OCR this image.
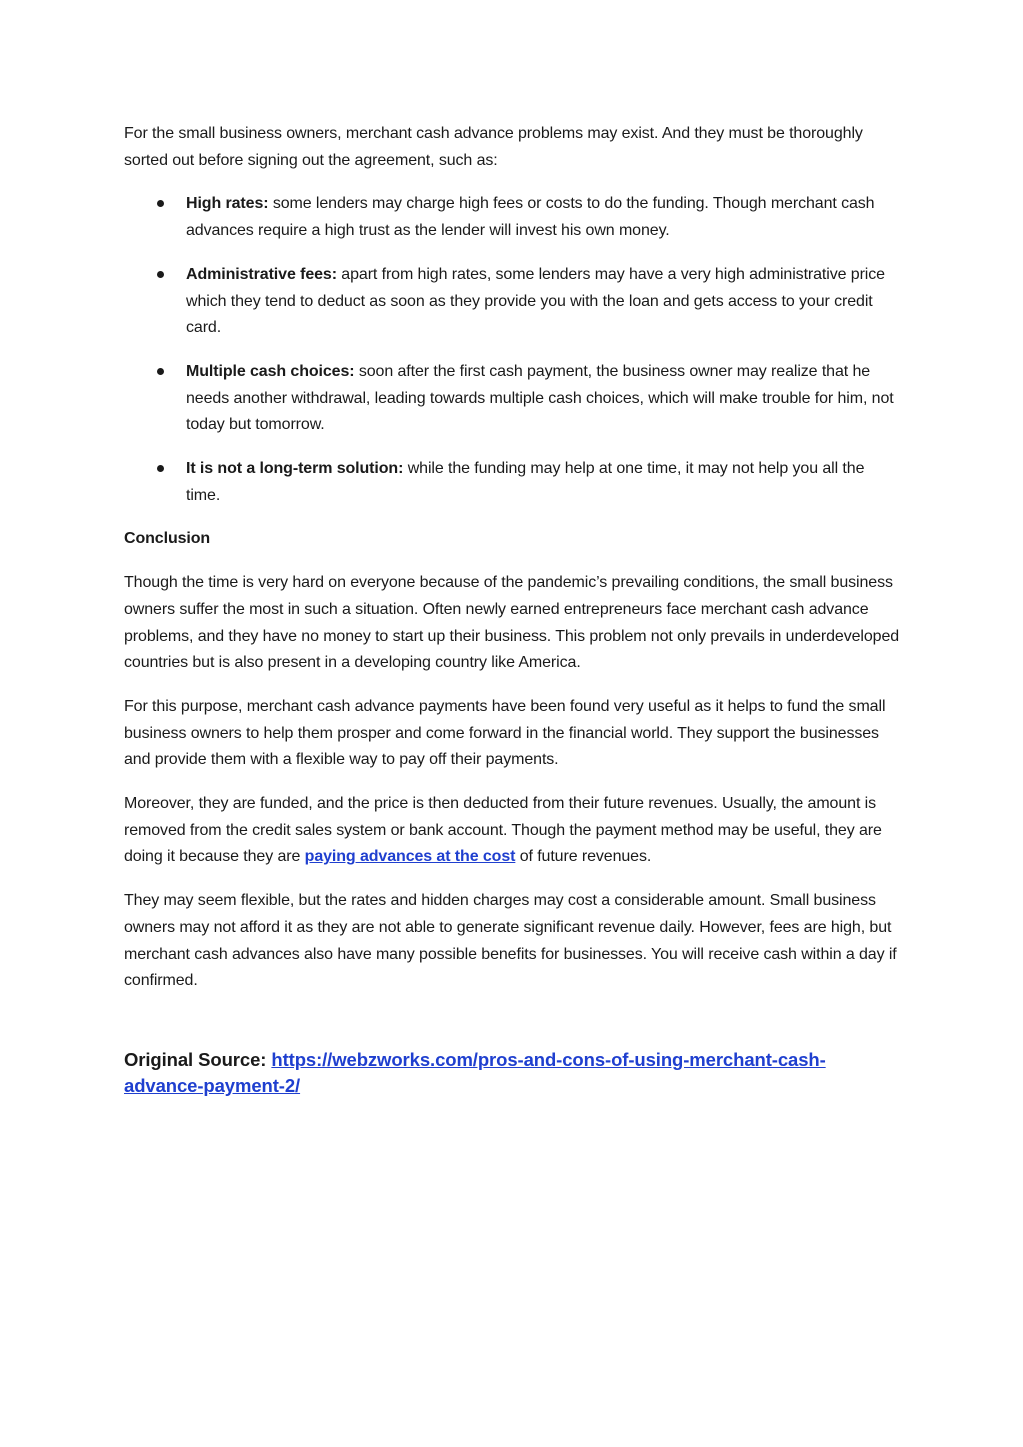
For the small business owners, merchant cash advance problems may exist. And they must be thoroughly sorted out before signing out the agreement, such as:

High rates: some lenders may charge high fees or costs to do the funding. Though merchant cash advances require a high trust as the lender will invest his own money.
Administrative fees: apart from high rates, some lenders may have a very high administrative price which they tend to deduct as soon as they provide you with the loan and gets access to your credit card.
Multiple cash choices: soon after the first cash payment, the business owner may realize that he needs another withdrawal, leading towards multiple cash choices, which will make trouble for him, not today but tomorrow.
It is not a long-term solution: while the funding may help at one time, it may not help you all the time.

Conclusion

Though the time is very hard on everyone because of the pandemic’s prevailing conditions, the small business owners suffer the most in such a situation. Often newly earned entrepreneurs face merchant cash advance problems, and they have no money to start up their business. This problem not only prevails in underdeveloped countries but is also present in a developing country like America.

For this purpose, merchant cash advance payments have been found very useful as it helps to fund the small business owners to help them prosper and come forward in the financial world. They support the businesses and provide them with a flexible way to pay off their payments.

Moreover, they are funded, and the price is then deducted from their future revenues. Usually, the amount is removed from the credit sales system or bank account. Though the payment method may be useful, they are doing it because they are paying advances at the cost of future revenues.

They may seem flexible, but the rates and hidden charges may cost a considerable amount. Small business owners may not afford it as they are not able to generate significant revenue daily. However, fees are high, but merchant cash advances also have many possible benefits for businesses. You will receive cash within a day if confirmed.

Original Source: https://webzworks.com/pros-and-cons-of-using-merchant-cash-advance-payment-2/
